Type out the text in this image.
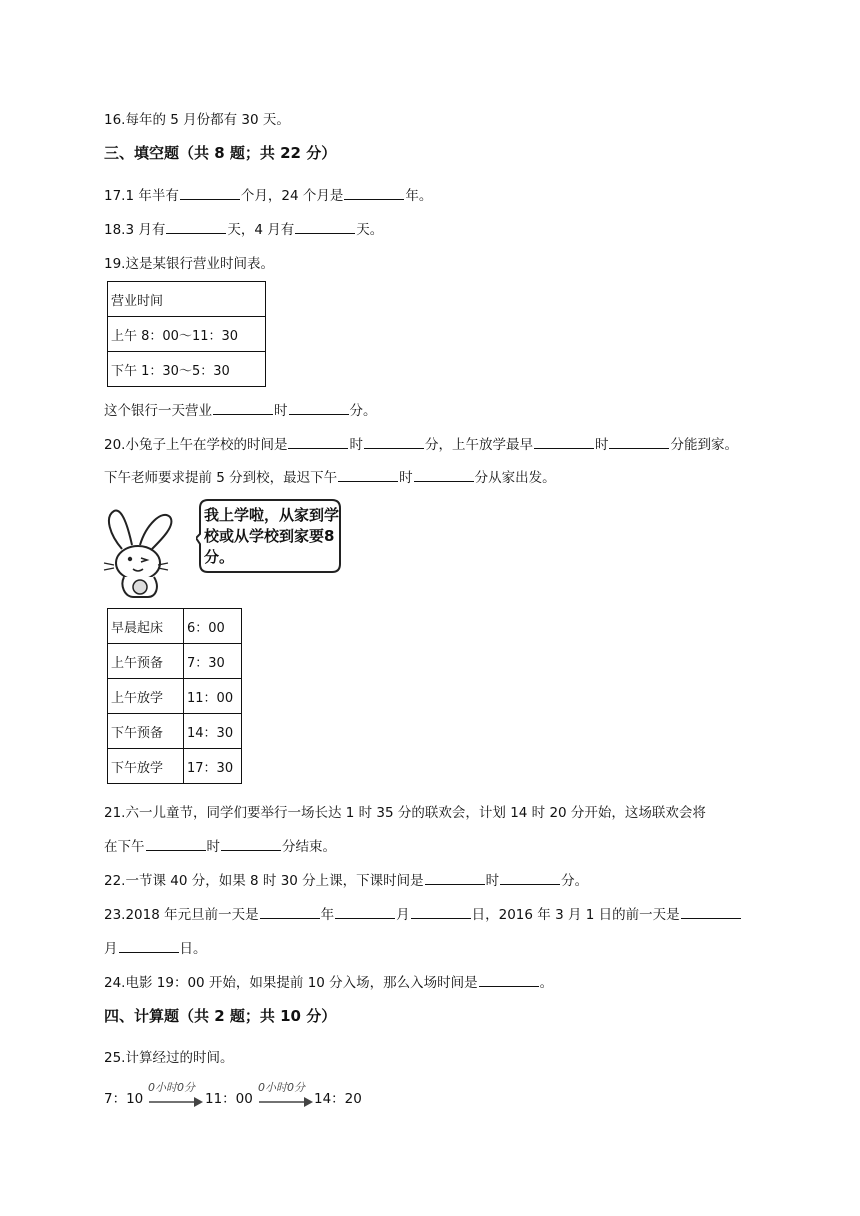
16.每年的 5 月份都有 30 天。
三、填空题（共 8 题；共 22 分）
17.1 年半有	个月，24 个月是	年。
18.3 月有	天，4 月有	天。
19.这是某银行营业时间表。
营业时间
上午 8：00～11：30
下午 1：30～5：30
这个银行一天营业	时	分。
20.小兔子上午在学校的时间是	时	分，上午放学最早	时	分能到家。
下午老师要求提前 5 分到校，最迟下午	时	分从家出发。
我上学啦，从家到学校或从学校到家要8分。
早晨起床	6：00
上午预备	7：30
上午放学	11：00
下午预备	14：30
下午放学	17：30
21.六一儿童节，同学们要举行一场长达 1 时 35 分的联欢会，计划 14 时 20 分开始，这场联欢会将
在下午	时	分结束。
22.一节课 40 分，如果 8 时 30 分上课，下课时间是	时	分。
23.2018 年元旦前一天是	年	月	日，2016 年 3 月 1 日的前一天是
月	日。
24.电影 19：00 开始，如果提前 10 分入场，那么入场时间是	。
四、计算题（共 2 题；共 10 分）
25.计算经过的时间。
7：10
0小时0分
11：00
0小时0分
14：20
